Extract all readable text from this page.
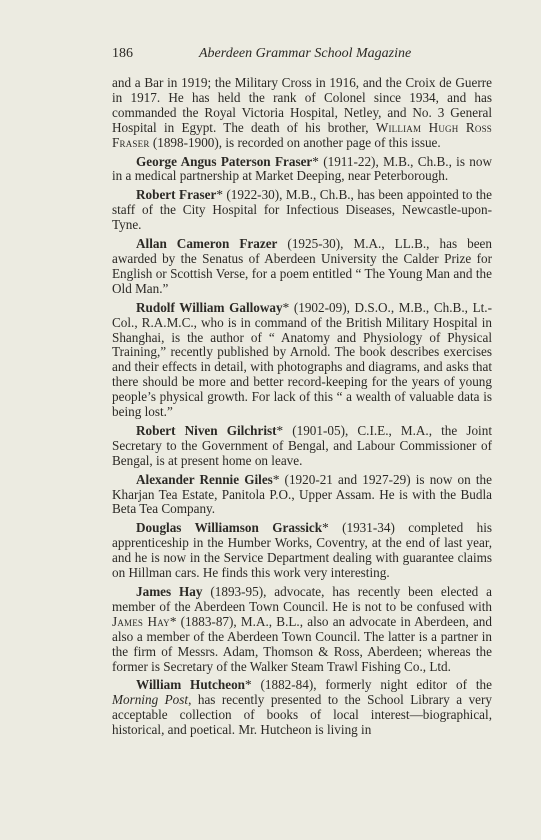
186	Aberdeen Grammar School Magazine

and a Bar in 1919; the Military Cross in 1916, and the Croix de Guerre in 1917. He has held the rank of Colonel since 1934, and has commanded the Royal Victoria Hospital, Netley, and No. 3 General Hospital in Egypt. The death of his brother, William Hugh Ross Fraser (1898-1900), is recorded on another page of this issue.

George Angus Paterson Fraser* (1911-22), M.B., Ch.B., is now in a medical partnership at Market Deeping, near Peterborough.

Robert Fraser* (1922-30), M.B., Ch.B., has been appointed to the staff of the City Hospital for Infectious Diseases, Newcastle-upon-Tyne.

Allan Cameron Frazer (1925-30), M.A., LL.B., has been awarded by the Senatus of Aberdeen University the Calder Prize for English or Scottish Verse, for a poem entitled “ The Young Man and the Old Man.”

Rudolf William Galloway* (1902-09), D.S.O., M.B., Ch.B., Lt.-Col., R.A.M.C., who is in command of the British Military Hospital in Shanghai, is the author of “ Anatomy and Physiology of Physical Training,” recently published by Arnold. The book describes exercises and their effects in detail, with photographs and diagrams, and asks that there should be more and better record-keeping for the years of young people’s physical growth. For lack of this “ a wealth of valuable data is being lost.”

Robert Niven Gilchrist* (1901-05), C.I.E., M.A., the Joint Secretary to the Government of Bengal, and Labour Commissioner of Bengal, is at present home on leave.

Alexander Rennie Giles* (1920-21 and 1927-29) is now on the Kharjan Tea Estate, Panitola P.O., Upper Assam. He is with the Budla Beta Tea Company.

Douglas Williamson Grassick* (1931-34) completed his apprenticeship in the Humber Works, Coventry, at the end of last year, and he is now in the Service Department dealing with guarantee claims on Hillman cars. He finds this work very interesting.

James Hay (1893-95), advocate, has recently been elected a member of the Aberdeen Town Council. He is not to be confused with James Hay* (1883-87), M.A., B.L., also an advocate in Aberdeen, and also a member of the Aberdeen Town Council. The latter is a partner in the firm of Messrs. Adam, Thomson & Ross, Aberdeen; whereas the former is Secretary of the Walker Steam Trawl Fishing Co., Ltd.

William Hutcheon* (1882-84), formerly night editor of the Morning Post, has recently presented to the School Library a very acceptable collection of books of local interest—biographical, historical, and poetical. Mr. Hutcheon is living in
